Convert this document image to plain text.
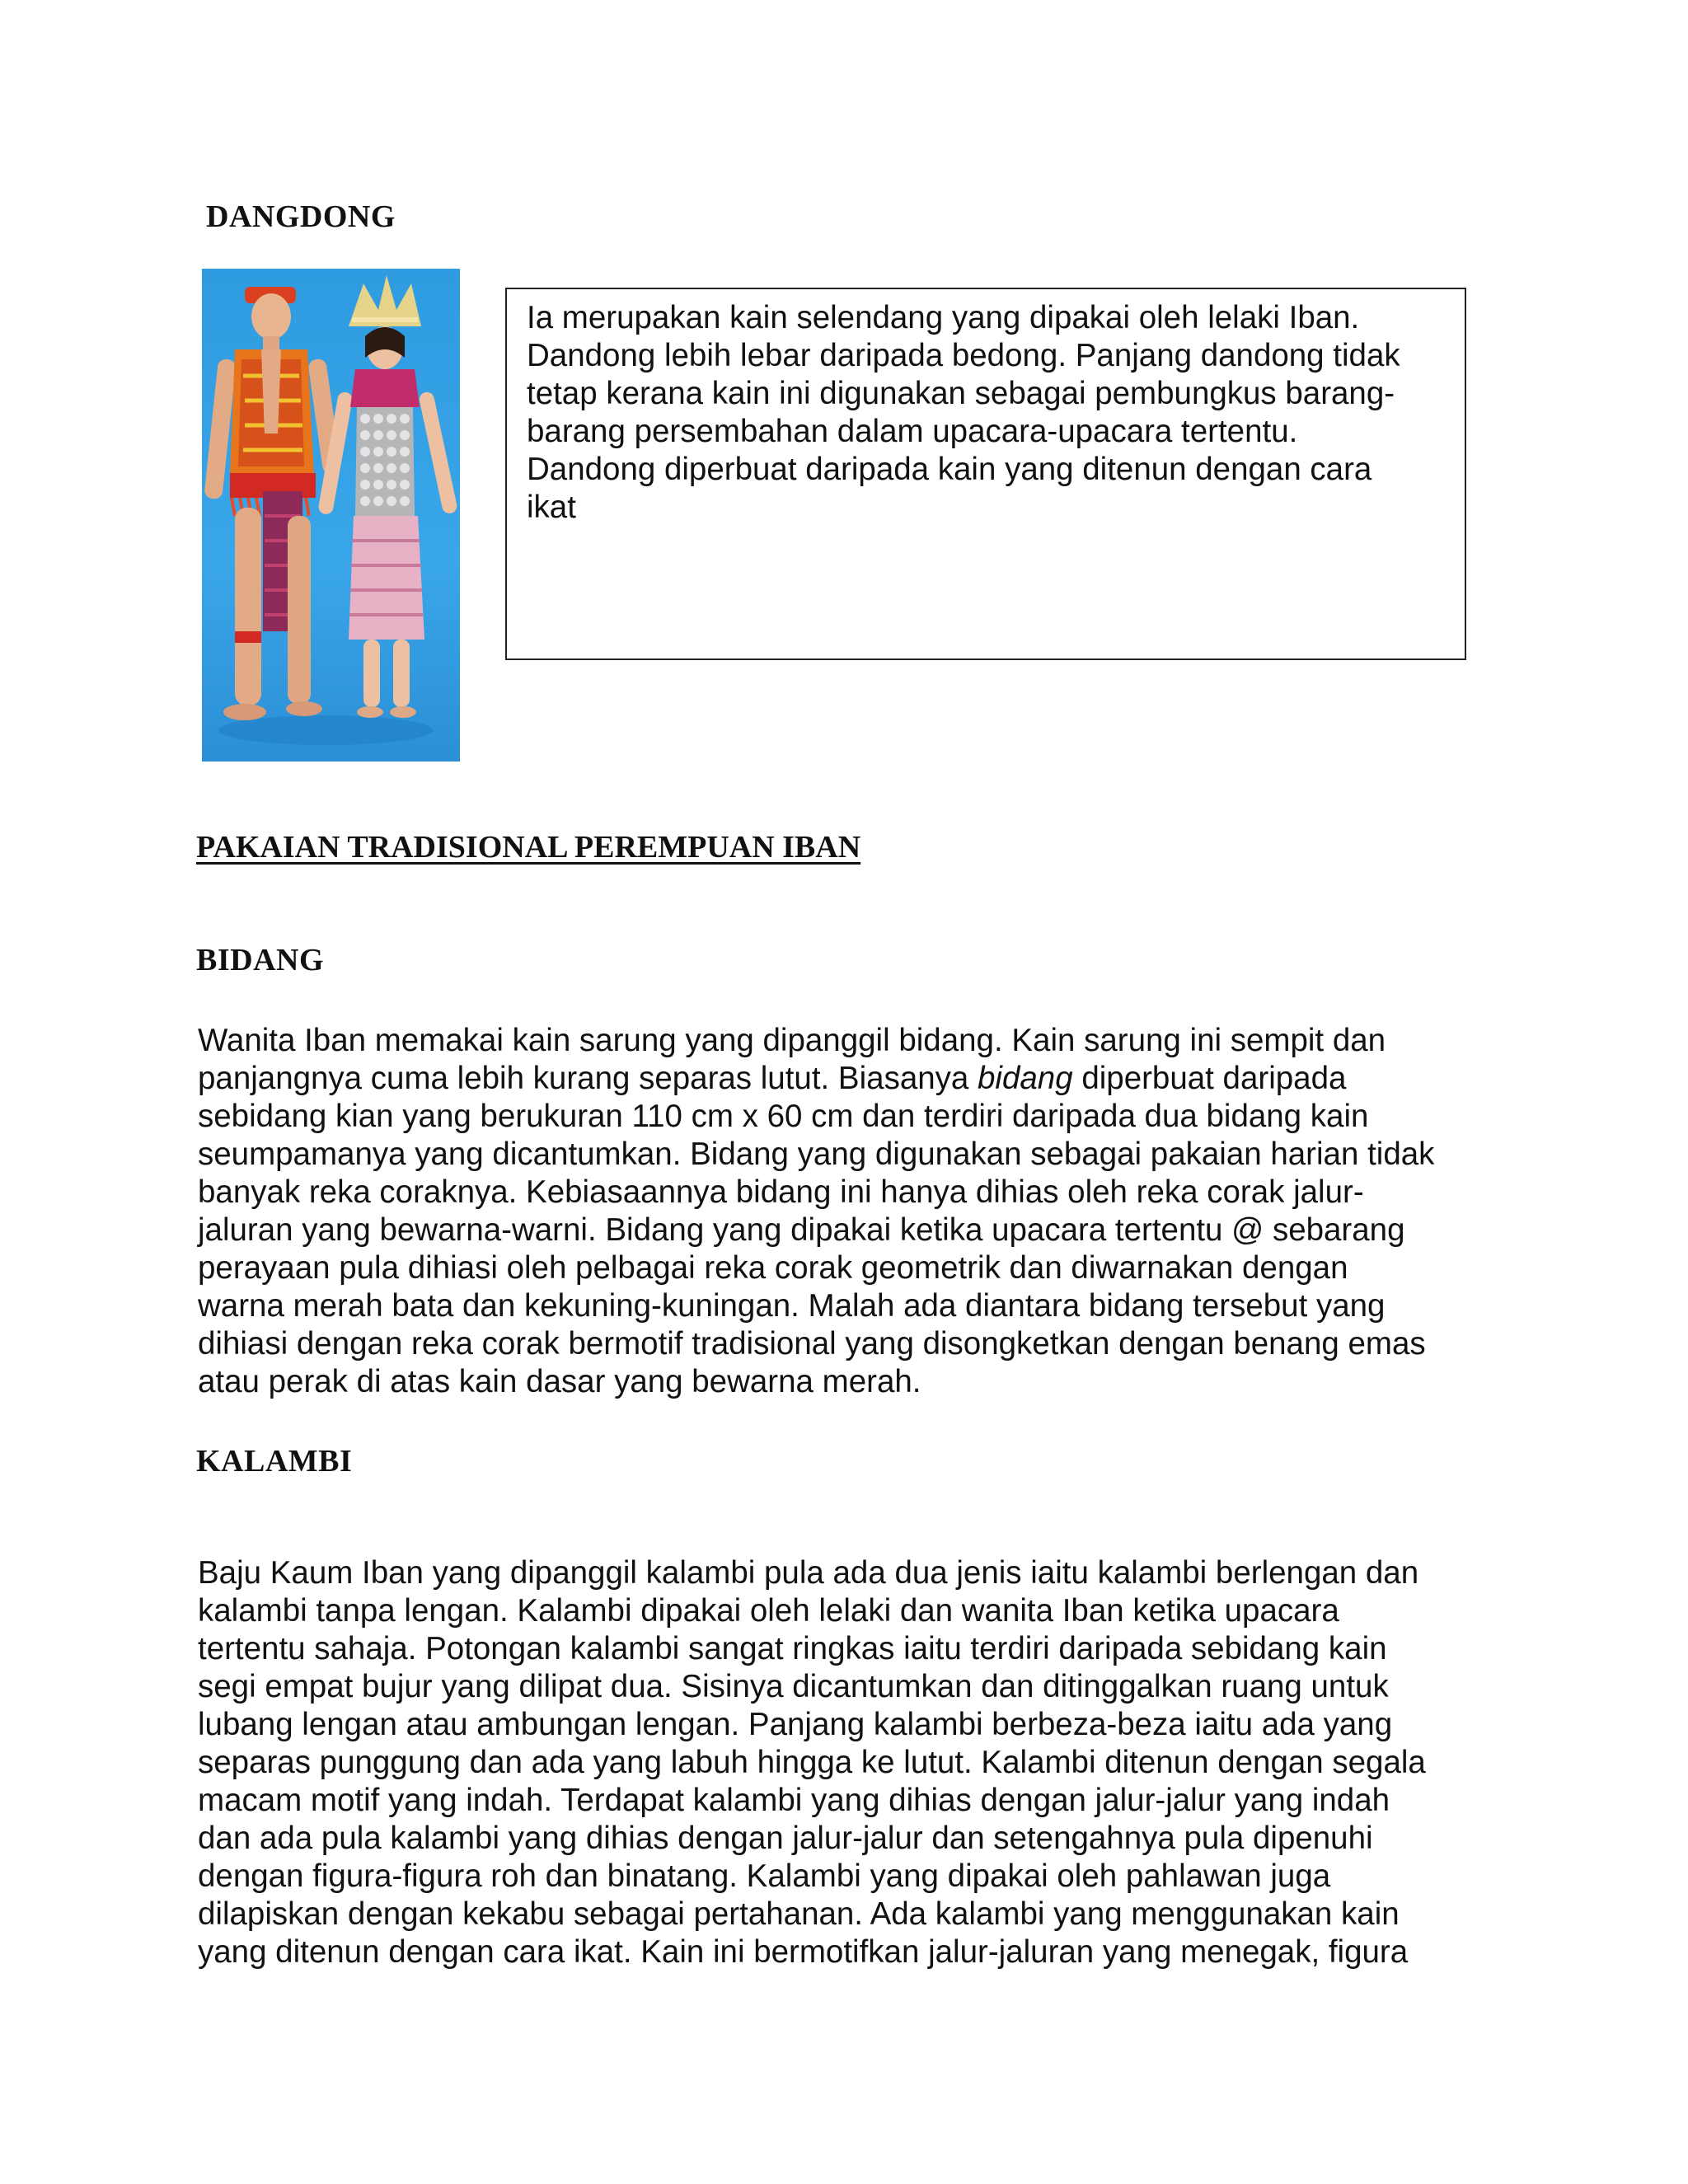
DANGDONG

Ia merupakan kain selendang yang dipakai oleh lelaki Iban.
Dandong lebih lebar daripada bedong. Panjang dandong tidak
tetap kerana kain ini digunakan sebagai pembungkus barang-
barang persembahan dalam upacara-upacara tertentu.
Dandong diperbuat daripada kain yang ditenun dengan cara
ikat

PAKAIAN TRADISIONAL PEREMPUAN IBAN
BIDANG

Wanita Iban memakai kain sarung yang dipanggil bidang. Kain sarung ini sempit dan
panjangnya cuma lebih kurang separas lutut. Biasanya bidang diperbuat daripada
sebidang kian yang berukuran 110 cm x 60 cm dan terdiri daripada dua bidang kain
seumpamanya yang dicantumkan. Bidang yang digunakan sebagai pakaian harian tidak
banyak reka coraknya. Kebiasaannya bidang ini hanya dihias oleh reka corak jalur-
jaluran yang bewarna-warni. Bidang yang dipakai ketika upacara tertentu @ sebarang
perayaan pula dihiasi oleh pelbagai reka corak geometrik dan diwarnakan dengan
warna merah bata dan kekuning-kuningan. Malah ada diantara bidang tersebut yang
dihiasi dengan reka corak bermotif tradisional yang disongketkan dengan benang emas
atau perak di atas kain dasar yang bewarna merah.

KALAMBI

Baju Kaum Iban yang dipanggil kalambi pula ada dua jenis iaitu kalambi berlengan dan
kalambi tanpa lengan. Kalambi dipakai oleh lelaki dan wanita Iban ketika upacara
tertentu sahaja. Potongan kalambi sangat ringkas iaitu terdiri daripada sebidang kain
segi empat bujur yang dilipat dua. Sisinya dicantumkan dan ditinggalkan ruang untuk
lubang lengan atau ambungan lengan. Panjang kalambi berbeza-beza iaitu ada yang
separas punggung dan ada yang labuh hingga ke lutut. Kalambi ditenun dengan segala
macam motif yang indah. Terdapat kalambi yang dihias dengan jalur-jalur yang indah
dan ada pula kalambi yang dihias dengan jalur-jalur dan setengahnya pula dipenuhi
dengan figura-figura roh dan binatang. Kalambi yang dipakai oleh pahlawan juga
dilapiskan dengan kekabu sebagai pertahanan. Ada kalambi yang menggunakan kain
yang ditenun dengan cara ikat. Kain ini bermotifkan jalur-jaluran yang menegak, figura
